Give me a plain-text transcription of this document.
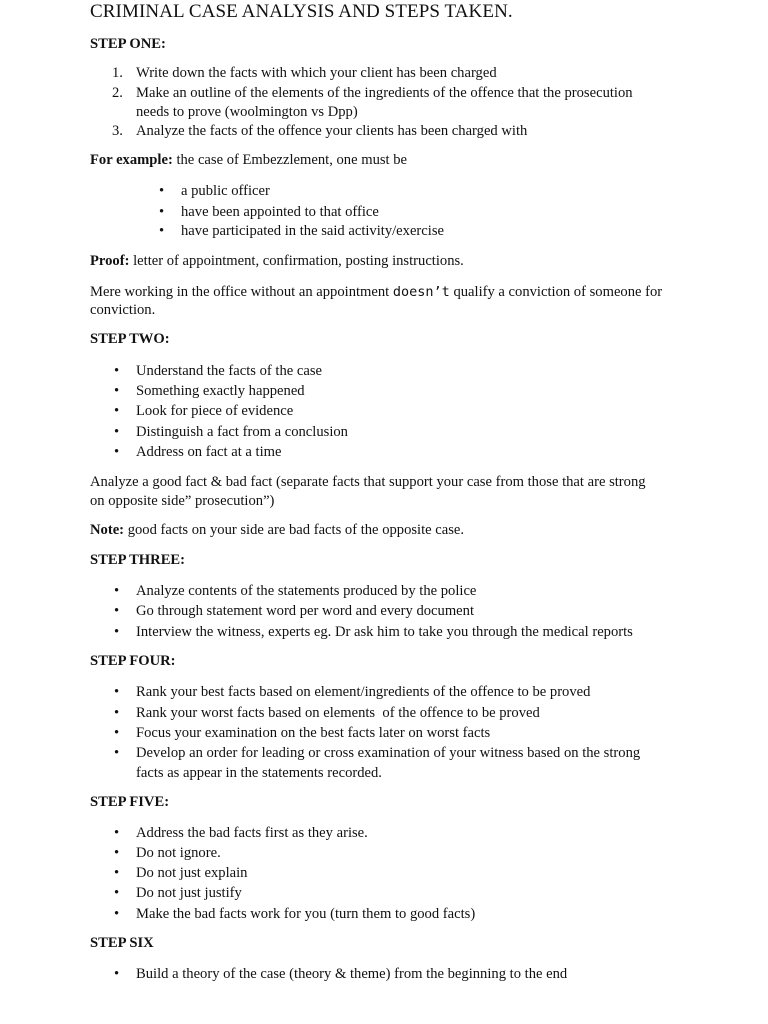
CRIMINAL CASE ANALYSIS AND STEPS TAKEN.
STEP ONE:
1. Write down the facts with which your client has been charged
2. Make an outline of the elements of the ingredients of the offence that the prosecution
needs to prove (woolmington vs Dpp)
3. Analyze the facts of the offence your clients has been charged with
For example: the case of Embezzlement, one must be
• a public officer
• have been appointed to that office
• have participated in the said activity/exercise
Proof: letter of appointment, confirmation, posting instructions.
Mere working in the office without an appointment doesn’t qualify a conviction of someone for
conviction.
STEP TWO:
• Understand the facts of the case
• Something exactly happened
• Look for piece of evidence
• Distinguish a fact from a conclusion
• Address on fact at a time
Analyze a good fact & bad fact (separate facts that support your case from those that are strong
on opposite side” prosecution”)
Note: good facts on your side are bad facts of the opposite case.
STEP THREE:
• Analyze contents of the statements produced by the police
• Go through statement word per word and every document
• Interview the witness, experts eg. Dr ask him to take you through the medical reports
STEP FOUR:
• Rank your best facts based on element/ingredients of the offence to be proved
• Rank your worst facts based on elements  of the offence to be proved
• Focus your examination on the best facts later on worst facts
• Develop an order for leading or cross examination of your witness based on the strong
facts as appear in the statements recorded.
STEP FIVE:
• Address the bad facts first as they arise.
• Do not ignore.
• Do not just explain
• Do not just justify
• Make the bad facts work for you (turn them to good facts)
STEP SIX
• Build a theory of the case (theory & theme) from the beginning to the end
